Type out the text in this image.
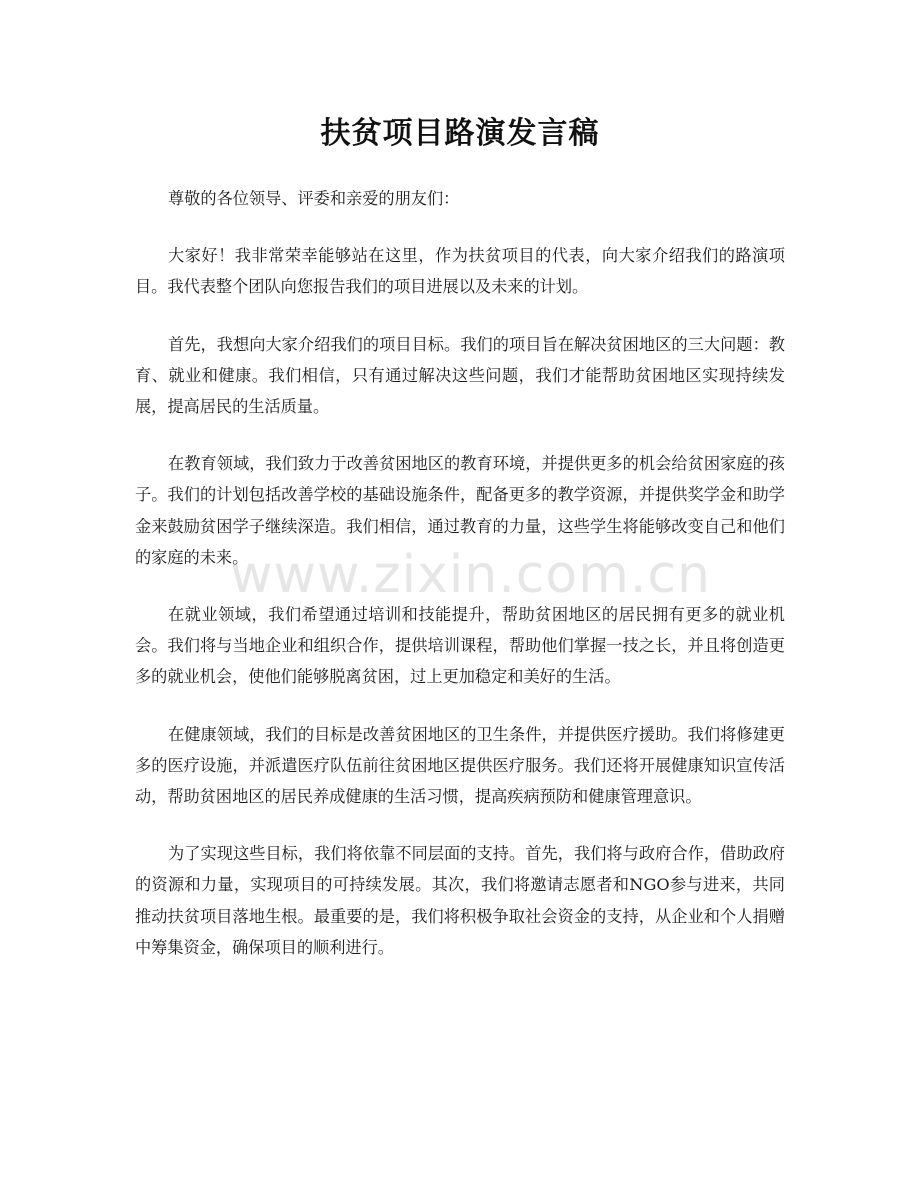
www.zixin.com.cn
扶贫项目路演发言稿

尊敬的各位领导、评委和亲爱的朋友们：

大家好！我非常荣幸能够站在这里，作为扶贫项目的代表，向大家介绍我们的路演项目。我代表整个团队向您报告我们的项目进展以及未来的计划。

首先，我想向大家介绍我们的项目目标。我们的项目旨在解决贫困地区的三大问题：教育、就业和健康。我们相信，只有通过解决这些问题，我们才能帮助贫困地区实现持续发展，提高居民的生活质量。

在教育领域，我们致力于改善贫困地区的教育环境，并提供更多的机会给贫困家庭的孩子。我们的计划包括改善学校的基础设施条件，配备更多的教学资源，并提供奖学金和助学金来鼓励贫困学子继续深造。我们相信，通过教育的力量，这些学生将能够改变自己和他们的家庭的未来。

在就业领域，我们希望通过培训和技能提升，帮助贫困地区的居民拥有更多的就业机会。我们将与当地企业和组织合作，提供培训课程，帮助他们掌握一技之长，并且将创造更多的就业机会，使他们能够脱离贫困，过上更加稳定和美好的生活。

在健康领域，我们的目标是改善贫困地区的卫生条件，并提供医疗援助。我们将修建更多的医疗设施，并派遣医疗队伍前往贫困地区提供医疗服务。我们还将开展健康知识宣传活动，帮助贫困地区的居民养成健康的生活习惯，提高疾病预防和健康管理意识。

为了实现这些目标，我们将依靠不同层面的支持。首先，我们将与政府合作，借助政府的资源和力量，实现项目的可持续发展。其次，我们将邀请志愿者和NGO参与进来，共同推动扶贫项目落地生根。最重要的是，我们将积极争取社会资金的支持，从企业和个人捐赠中筹集资金，确保项目的顺利进行。
